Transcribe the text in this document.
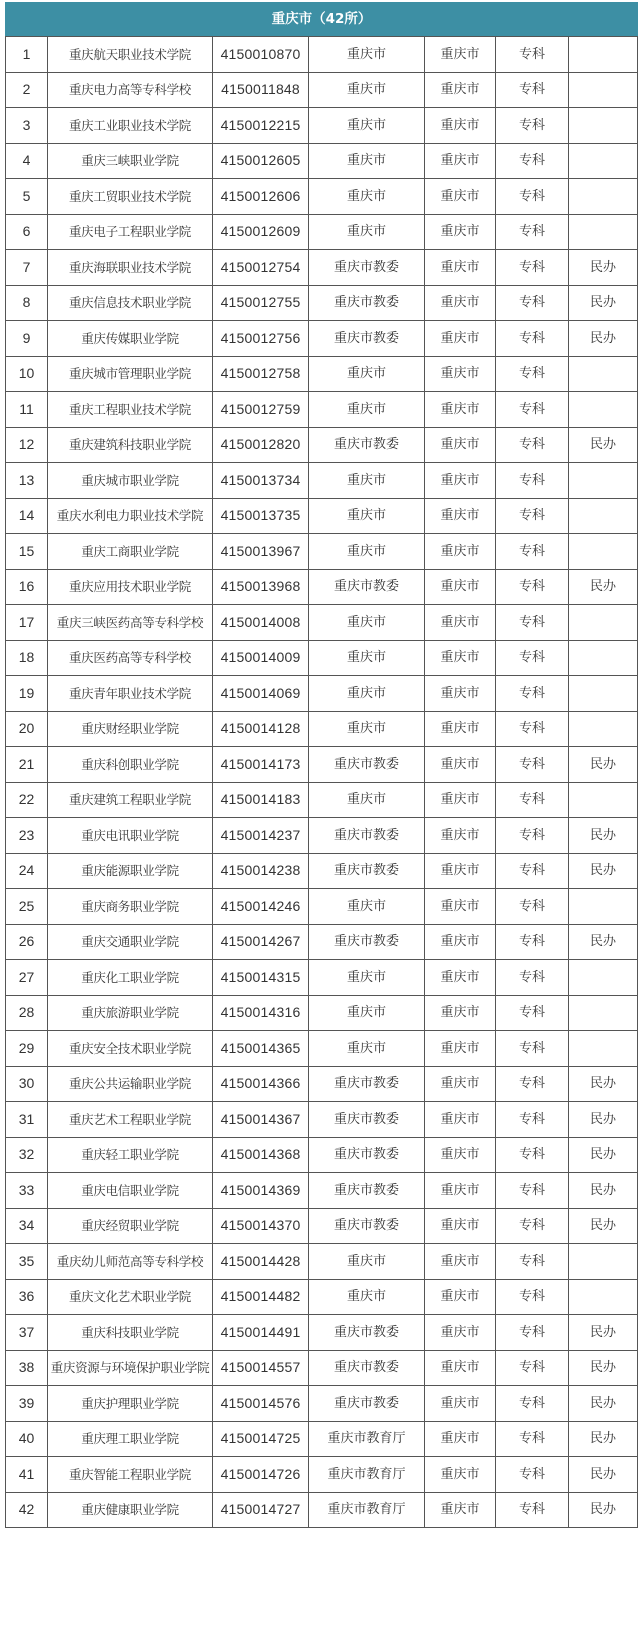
重庆市（42所）						
1	重庆航天职业技术学院	4150010870	重庆市	重庆市	专科	
2	重庆电力高等专科学校	4150011848	重庆市	重庆市	专科	
3	重庆工业职业技术学院	4150012215	重庆市	重庆市	专科	
4	重庆三峡职业学院	4150012605	重庆市	重庆市	专科	
5	重庆工贸职业技术学院	4150012606	重庆市	重庆市	专科	
6	重庆电子工程职业学院	4150012609	重庆市	重庆市	专科	
7	重庆海联职业技术学院	4150012754	重庆市教委	重庆市	专科	民办
8	重庆信息技术职业学院	4150012755	重庆市教委	重庆市	专科	民办
9	重庆传媒职业学院	4150012756	重庆市教委	重庆市	专科	民办
10	重庆城市管理职业学院	4150012758	重庆市	重庆市	专科	
11	重庆工程职业技术学院	4150012759	重庆市	重庆市	专科	
12	重庆建筑科技职业学院	4150012820	重庆市教委	重庆市	专科	民办
13	重庆城市职业学院	4150013734	重庆市	重庆市	专科	
14	重庆水利电力职业技术学院	4150013735	重庆市	重庆市	专科	
15	重庆工商职业学院	4150013967	重庆市	重庆市	专科	
16	重庆应用技术职业学院	4150013968	重庆市教委	重庆市	专科	民办
17	重庆三峡医药高等专科学校	4150014008	重庆市	重庆市	专科	
18	重庆医药高等专科学校	4150014009	重庆市	重庆市	专科	
19	重庆青年职业技术学院	4150014069	重庆市	重庆市	专科	
20	重庆财经职业学院	4150014128	重庆市	重庆市	专科	
21	重庆科创职业学院	4150014173	重庆市教委	重庆市	专科	民办
22	重庆建筑工程职业学院	4150014183	重庆市	重庆市	专科	
23	重庆电讯职业学院	4150014237	重庆市教委	重庆市	专科	民办
24	重庆能源职业学院	4150014238	重庆市教委	重庆市	专科	民办
25	重庆商务职业学院	4150014246	重庆市	重庆市	专科	
26	重庆交通职业学院	4150014267	重庆市教委	重庆市	专科	民办
27	重庆化工职业学院	4150014315	重庆市	重庆市	专科	
28	重庆旅游职业学院	4150014316	重庆市	重庆市	专科	
29	重庆安全技术职业学院	4150014365	重庆市	重庆市	专科	
30	重庆公共运输职业学院	4150014366	重庆市教委	重庆市	专科	民办
31	重庆艺术工程职业学院	4150014367	重庆市教委	重庆市	专科	民办
32	重庆轻工职业学院	4150014368	重庆市教委	重庆市	专科	民办
33	重庆电信职业学院	4150014369	重庆市教委	重庆市	专科	民办
34	重庆经贸职业学院	4150014370	重庆市教委	重庆市	专科	民办
35	重庆幼儿师范高等专科学校	4150014428	重庆市	重庆市	专科	
36	重庆文化艺术职业学院	4150014482	重庆市	重庆市	专科	
37	重庆科技职业学院	4150014491	重庆市教委	重庆市	专科	民办
38	重庆资源与环境保护职业学院	4150014557	重庆市教委	重庆市	专科	民办
39	重庆护理职业学院	4150014576	重庆市教委	重庆市	专科	民办
40	重庆理工职业学院	4150014725	重庆市教育厅	重庆市	专科	民办
41	重庆智能工程职业学院	4150014726	重庆市教育厅	重庆市	专科	民办
42	重庆健康职业学院	4150014727	重庆市教育厅	重庆市	专科	民办
